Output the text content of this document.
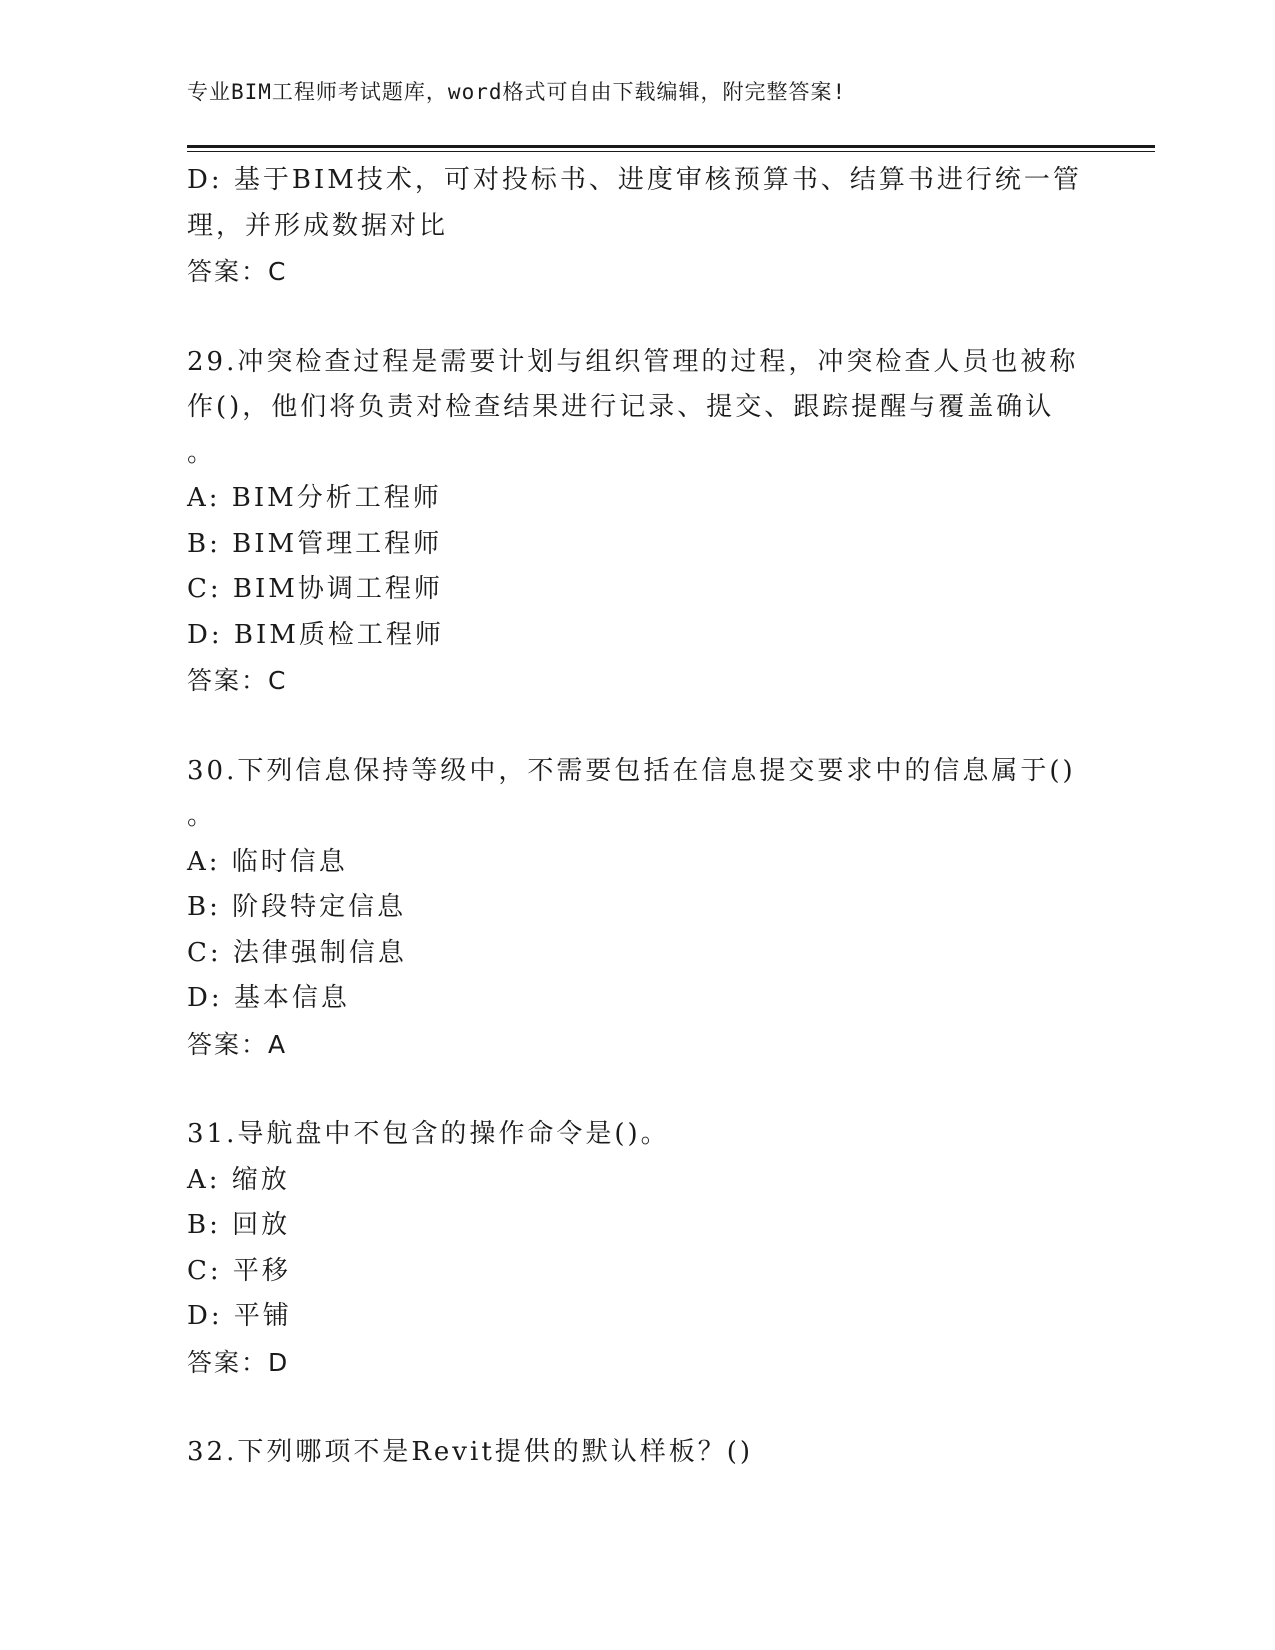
专业BIM工程师考试题库，word格式可自由下载编辑，附完整答案!
D: 基于BIM技术，可对投标书、进度审核预算书、结算书进行统一管
理，并形成数据对比
答案：C
29.冲突检查过程是需要计划与组织管理的过程，冲突检查人员也被称
作()，他们将负责对检查结果进行记录、提交、跟踪提醒与覆盖确认
。
A: BIM分析工程师
B: BIM管理工程师
C: BIM协调工程师
D: BIM质检工程师
答案：C
30.下列信息保持等级中，不需要包括在信息提交要求中的信息属于()
。
A: 临时信息
B: 阶段特定信息
C: 法律强制信息
D: 基本信息
答案：A
31.导航盘中不包含的操作命令是()。
A: 缩放
B: 回放
C: 平移
D: 平铺
答案：D
32.下列哪项不是Revit提供的默认样板？()
